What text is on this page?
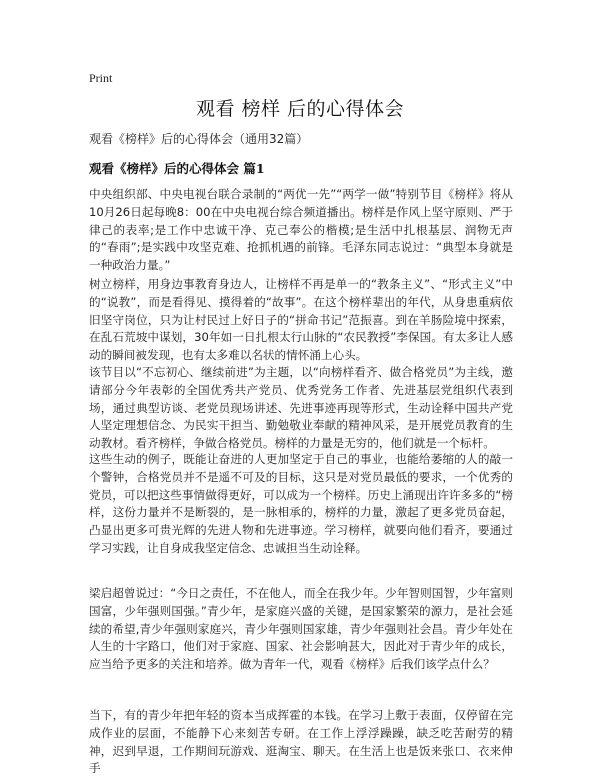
Print
观看 榜样 后的心得体会
观看《榜样》后的心得体会（通用32篇）
观看《榜样》后的心得体会 篇1

中央组织部、中央电视台联合录制的“两优一先”“两学一做”特别节目《榜样》将从10月26日起每晚8：00在中央电视台综合频道播出。榜样是作风上坚守原则、严于律己的表率;是工作中忠诚干净、克己奉公的楷模;是生活中扎根基层、润物无声的“春雨”;是实践中攻坚克难、抢抓机遇的前锋。毛泽东同志说过：“典型本身就是一种政治力量。”

树立榜样，用身边事教育身边人，让榜样不再是单一的“教条主义”、“形式主义”中的“说教”，而是看得见、摸得着的“故事”。在这个榜样辈出的年代，从身患重病依旧坚守岗位，只为让村民过上好日子的“拼命书记”范振喜。到在羊肠险境中探索，在乱石荒坡中谋划，30年如一日扎根太行山脉的“农民教授”李保国。有太多让人感动的瞬间被发现，也有太多难以名状的情怀涌上心头。

该节目以“不忘初心、继续前进”为主题，以“向榜样看齐、做合格党员”为主线，邀请部分今年表彰的全国优秀共产党员、优秀党务工作者、先进基层党组织代表到场，通过典型访谈、老党员现场讲述、先进事迹再现等形式，生动诠释中国共产党人坚定理想信念、为民实干担当、勤勉敬业奉献的精神风采，是开展党员教育的生动教材。看齐榜样，争做合格党员。榜样的力量是无穷的，他们就是一个标杆。

这些生动的例子，既能让奋进的人更加坚定于自己的事业，也能给萎缩的人的敲一个警钟，合格党员并不是遥不可及的目标，这只是对党员最低的要求，一个优秀的党员，可以把这些事情做得更好，可以成为一个榜样。历史上涌现出许许多多的“榜样，这份力量并不是断裂的，是一脉相承的，榜样的力量，激起了更多党员奋起，凸显出更多可贵光辉的先进人物和先进事迹。学习榜样，就要向他们看齐，要通过学习实践，让自身成我坚定信念、忠诚担当生动诠释。

梁启超曾说过：“今日之责任，不在他人，而全在我少年。少年智则国智，少年富则国富，少年强则国强。”青少年，是家庭兴盛的关键，是国家繁荣的源力，是社会延续的希望,青少年强则家庭兴，青少年强则国家雄，青少年强则社会昌。青少年处在人生的十字路口，他们对于家庭、国家、社会影响甚大，因此对于青少年的成长，应当给予更多的关注和培养。做为青年一代，观看《榜样》后我们该学点什么？

当下，有的青少年把年轻的资本当成挥霍的本钱。在学习上敷于表面，仅停留在完成作业的层面，不能静下心来刻苦专研。在工作上浮浮躁躁，缺乏吃苦耐劳的精神，迟到早退，工作期间玩游戏、逛淘宝、聊天。在生活上也是饭来张口、衣来伸手
